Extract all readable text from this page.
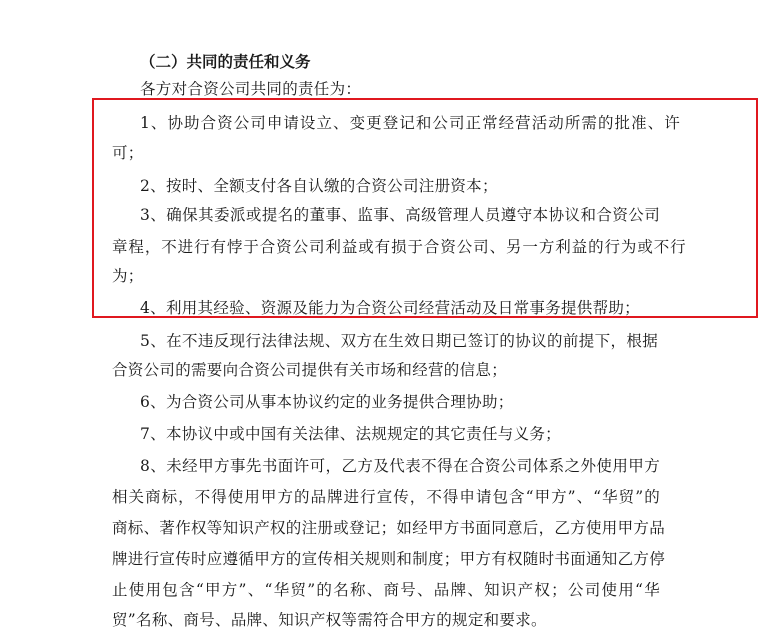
（二）共同的责任和义务
各方对合资公司共同的责任为：
1、协助合资公司申请设立、变更登记和公司正常经营活动所需的批准、许
可；
2、按时、全额支付各自认缴的合资公司注册资本；
3、确保其委派或提名的董事、监事、高级管理人员遵守本协议和合资公司
章程，不进行有悖于合资公司利益或有损于合资公司、另一方利益的行为或不行
为；
4、利用其经验、资源及能力为合资公司经营活动及日常事务提供帮助；
5、在不违反现行法律法规、双方在生效日期已签订的协议的前提下，根据
合资公司的需要向合资公司提供有关市场和经营的信息；
6、为合资公司从事本协议约定的业务提供合理协助；
7、本协议中或中国有关法律、法规规定的其它责任与义务；
8、未经甲方事先书面许可，乙方及代表不得在合资公司体系之外使用甲方
相关商标，不得使用甲方的品牌进行宣传，不得申请包含“甲方”、“华贸”的
商标、著作权等知识产权的注册或登记；如经甲方书面同意后，乙方使用甲方品
牌进行宣传时应遵循甲方的宣传相关规则和制度；甲方有权随时书面通知乙方停
止使用包含“甲方”、“华贸”的名称、商号、品牌、知识产权；公司使用“华
贸”名称、商号、品牌、知识产权等需符合甲方的规定和要求。
